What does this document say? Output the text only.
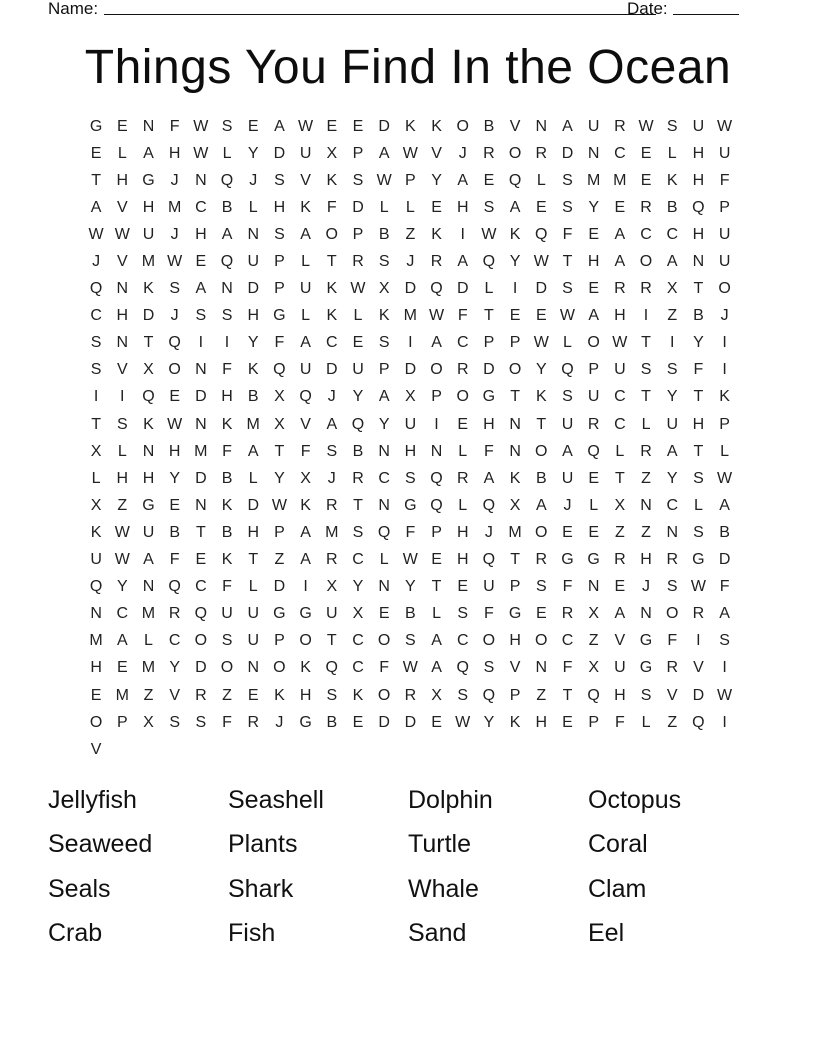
Name:	Date:
Things You Find In the Ocean
G E N F W S E A W E E D K K O B V N A U R W S U W
E	L	A H W L	Y D U X P A W V	J	R O R D N C E	L H U
T H G J	N Q J	S V K S W P Y A E Q L	S M M E K H F
A V H M C B	L H K F D L	L	E H S A E S Y E R B Q P
W W U	J	H A N S A O P B Z K	I	W K Q F E A C C H U
J	V M W E Q U P	L	T R S	J	R A Q Y W T H A O A N U
Q N K S A N D P U K W X D Q D L	I	D S E R R X T O
C H D	J	S S H G L	K	L	K M W F	T E E W A H	I	Z B	J
S N T Q	I	I	Y F A C E S	I	A C P P W L O W T	I	Y	I
S V X O N F K Q U D U P D O R D O Y Q P U S S F	I
I	I	Q E D H B X Q J	Y A X P O G T K S U C T Y T K
T S K W N K M X V A Q Y U	I	E H N T U R C L U H P
X	L N H M F A T	F S B N H N L	F N O A Q L R A T	L
L H H Y D B	L	Y X	J	R C S Q R A K B U E T	Z Y S W
X Z G E N K D W K R T N G Q L Q X A	J	L	X N C L	A
K W U B T B H P A M S Q F P H	J M O E E Z	Z N S B
U W A F E K T	Z A R C L W E H Q T R G G R H R G D
Q Y N Q C F	L D	I	X Y N Y T E U P S F N E	J	S W F
N C M R Q U U G G U X E B	L	S F G E R X A N O R A
M A	L C O S U P O T C O S A C O H O C Z V G F	I	S
H E M Y D O N O K Q C F W A Q S V N F X U G R V	I
E M Z V R Z E K H S K O R X S Q P Z	T Q H S V D W
O P X S S F R	J G B E D D E W Y K H E P F	L	Z Q	I
V
Jellyfish	Seashell	Dolphin	Octopus
Seaweed	Plants	Turtle	Coral
Seals	Shark	Whale	Clam
Crab	Fish	Sand	Eel
